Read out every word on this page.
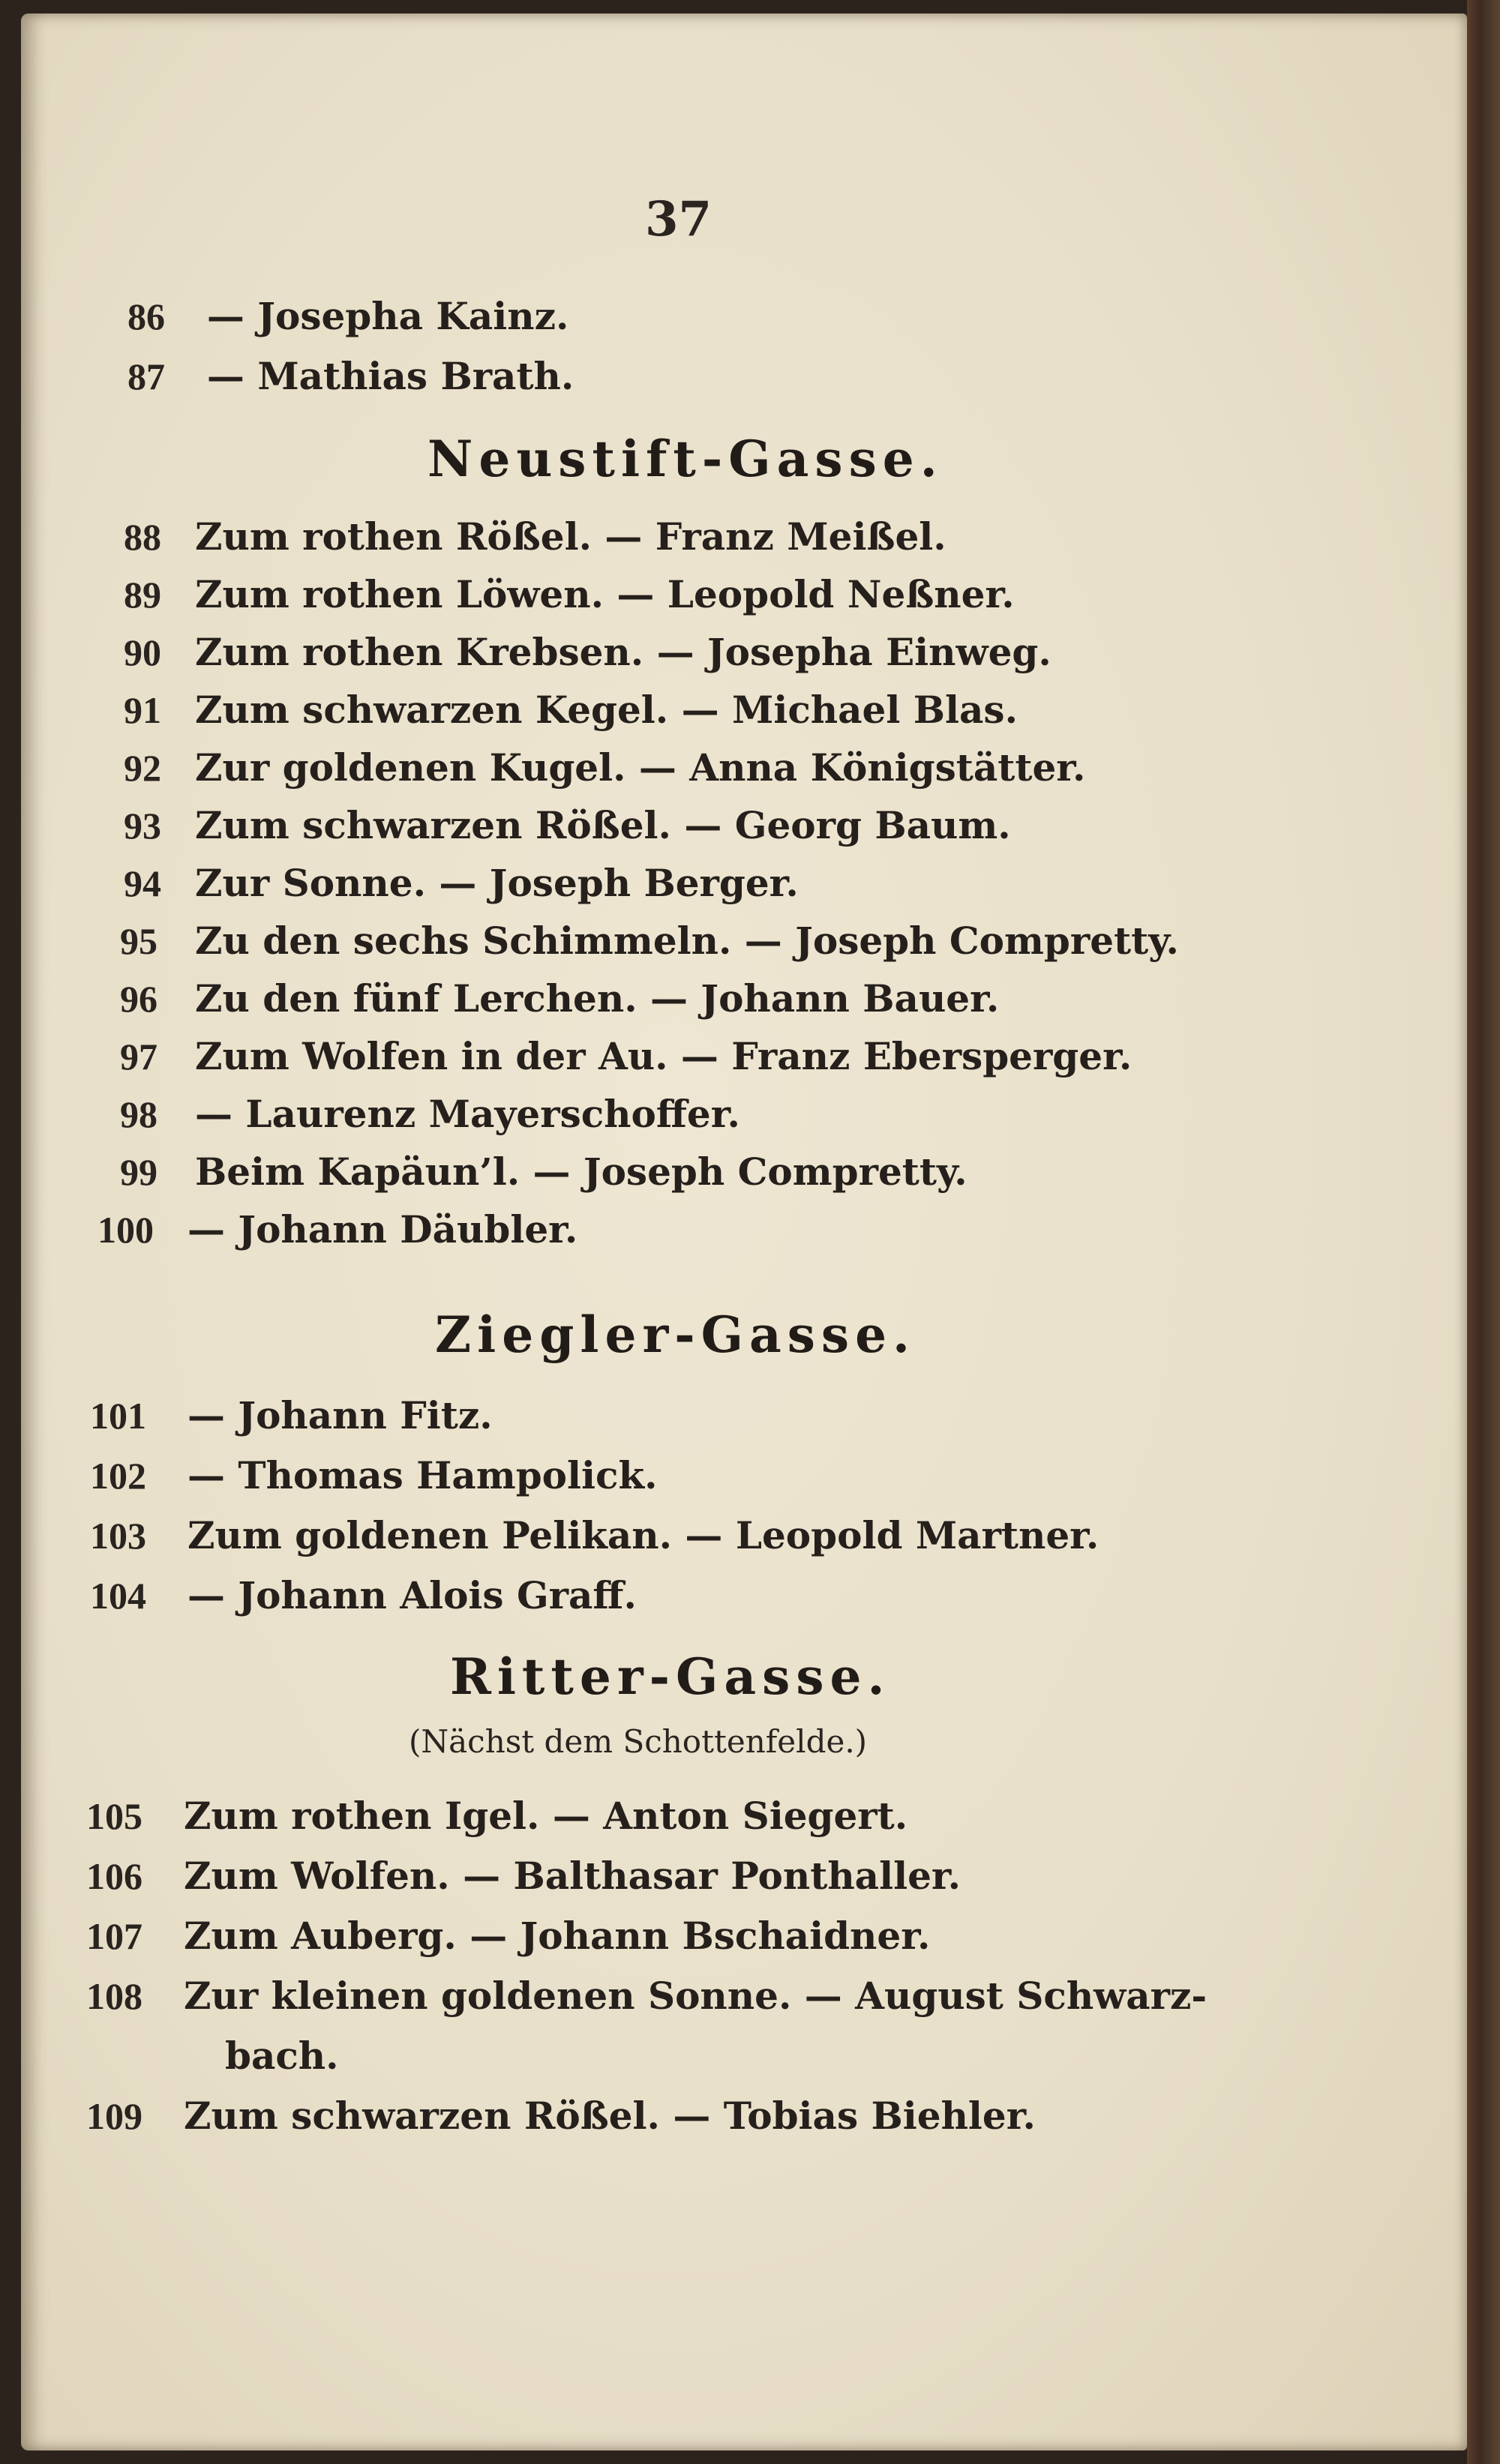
37
86 — Josepha Kainz.
87 — Mathias Brath.
Neustift-Gasse.
88 Zum rothen Rößel. — Franz Meißel.
89 Zum rothen Löwen. — Leopold Neßner.
90 Zum rothen Krebsen. — Josepha Einweg.
91 Zum schwarzen Kegel. — Michael Blas.
92 Zur goldenen Kugel. — Anna Königstätter.
93 Zum schwarzen Rößel. — Georg Baum.
94 Zur Sonne. — Joseph Berger.
95 Zu den sechs Schimmeln. — Joseph Compretty.
96 Zu den fünf Lerchen. — Johann Bauer.
97 Zum Wolfen in der Au. — Franz Ebersperger.
98 — Laurenz Mayerschoffer.
99 Beim Kapäun’l. — Joseph Compretty.
100 — Johann Däubler.
Ziegler-Gasse.
101 — Johann Fitz.
102 — Thomas Hampolick.
103 Zum goldenen Pelikan. — Leopold Martner.
104 — Johann Alois Graff.
Ritter-Gasse.
(Nächst dem Schottenfelde.)
105 Zum rothen Igel. — Anton Siegert.
106 Zum Wolfen. — Balthasar Ponthaller.
107 Zum Auberg. — Johann Bschaidner.
108 Zur kleinen goldenen Sonne. — August Schwarz-
bach.
109 Zum schwarzen Rößel. — Tobias Biehler.
